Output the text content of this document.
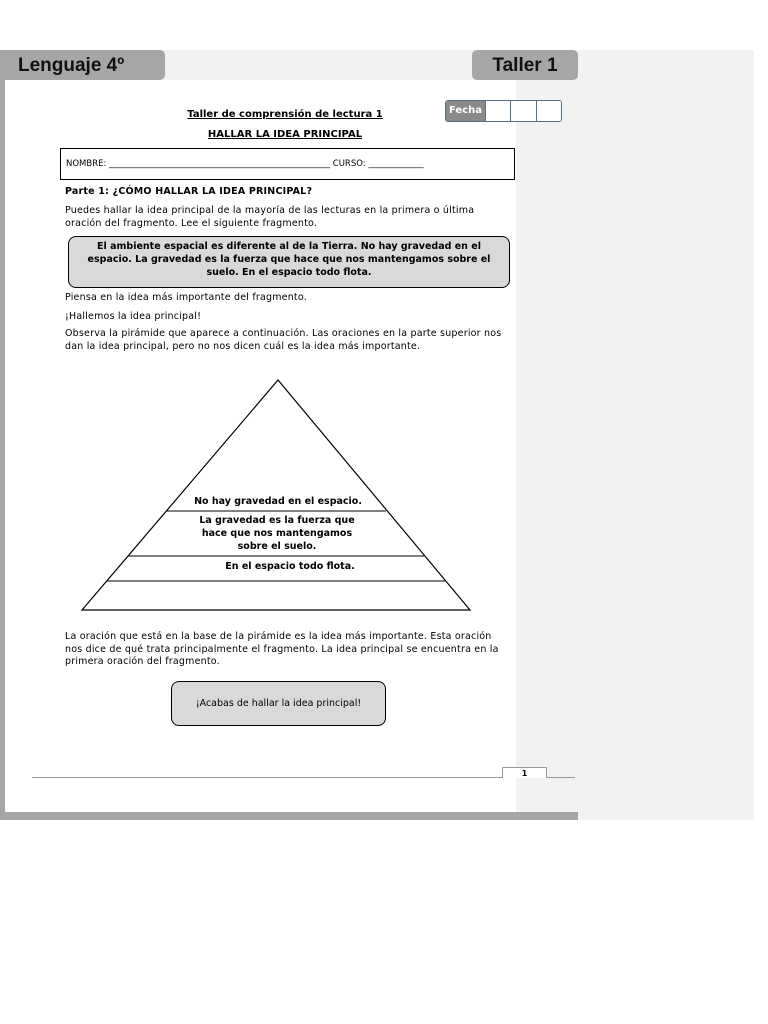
Lenguaje 4º	Taller 1
Taller de comprensión de lectura 1
HALLAR LA IDEA PRINCIPAL
Fecha
NOMBRE: ____________________________________________________ CURSO: _____________
Parte 1: ¿CÓMO HALLAR LA IDEA PRINCIPAL?
Puedes hallar la idea principal de la mayoría de las lecturas en la primera o última oración del fragmento. Lee el siguiente fragmento.
El ambiente espacial es diferente al de la Tierra. No hay gravedad en el espacio. La gravedad es la fuerza que hace que nos mantengamos sobre el suelo. En el espacio todo flota.
Piensa en la idea más importante del fragmento.
¡Hallemos la idea principal!
Observa la pirámide que aparece a continuación. Las oraciones en la parte superior nos dan la idea principal, pero no nos dicen cuál es la idea más importante.
No hay gravedad en el espacio.
La gravedad es la fuerza que hace que nos mantengamos sobre el suelo.
En el espacio todo flota.
La oración que está en la base de la pirámide es la idea más importante. Esta oración nos dice de qué trata principalmente el fragmento. La idea principal se encuentra en la primera oración del fragmento.
¡Acabas de hallar la idea principal!
1
